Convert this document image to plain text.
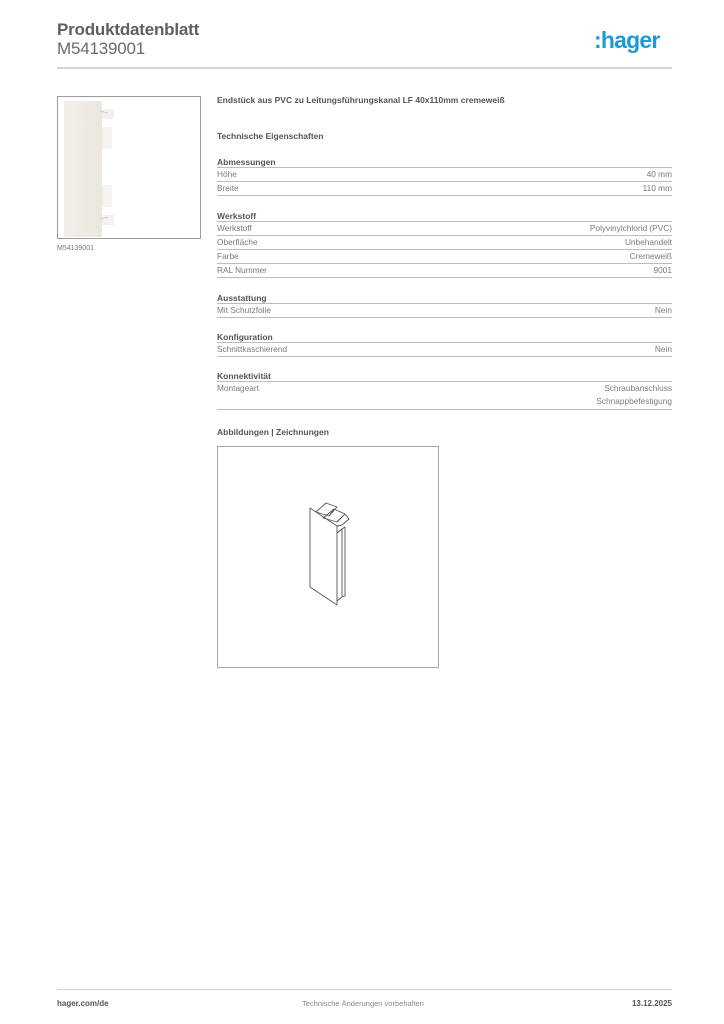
Produktdatenblatt
M54139001	:hager
M54139001
Endstück aus PVC zu Leitungsführungskanal LF 40x110mm cremeweiß
Technische Eigenschaften
Abmessungen
Höhe	40 mm
Breite	110 mm
Werkstoff
Werkstoff	Polyvinylchlorid (PVC)
Oberfläche	Unbehandelt
Farbe	Cremeweiß
RAL Nummer	9001
Ausstattung
Mit Schutzfolie	Nein
Konfiguration
Schnittkaschierend	Nein
Konnektivität
Montageart	Schraubanschluss
Schnappbefestigung
Abbildungen | Zeichnungen
hager.com/de	Technische Änderungen vorbehalten	13.12.2025
